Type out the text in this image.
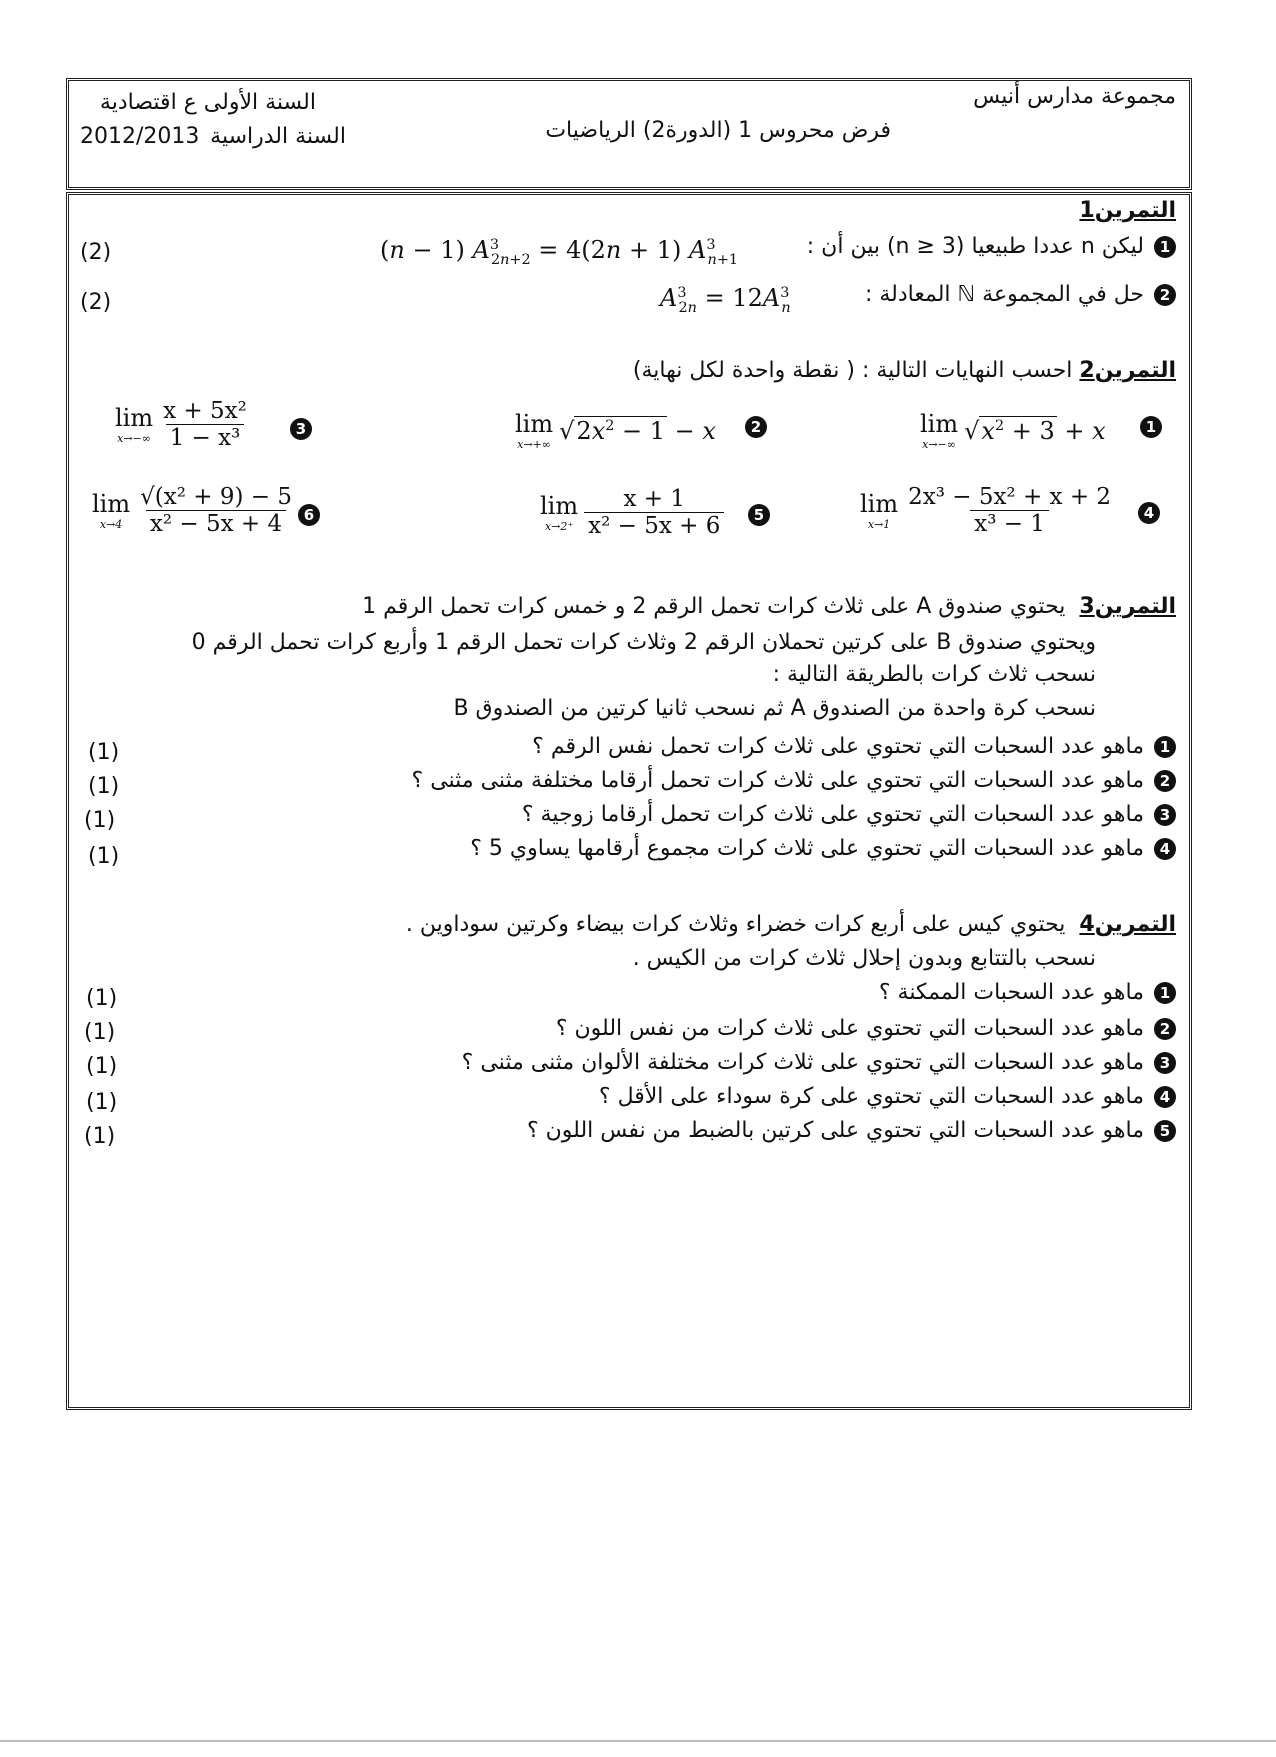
مجموعة مدارس أنيس
السنة الأولى ع اقتصادية
فرض محروس 1 (الدورة2) الرياضيات
السنة الدراسية
2012/2013
التمرين1
1ليكن n عددا طبيعيا (n ≥ 3) بين أن :
(n − 1) $A^3_{2n+2} = 4(2n + 1)$ $A^3_{n+1}$
(2)
2حل في المجموعة ℕ المعادلة :
$A^3_{2n} = 12A^3_n$
(2)
التمرين2 احسب النهايات التالية : ( نقطة واحدة لكل نهاية)
lim
x→−∞ $√x^2 + 3 + x$	1
lim
x→+∞ $√2x^2 - 1 - x$	2
lim
$x\to-\infty \frac{\text{x + 5x²}}{\text{1 − x³}}$	3
lim
$x\to 1 \frac{\text{2x³ − 5x² + x + 2}}{\text{x³ − 1}}$	4
lim
$x\to 2^+ \frac{x + 1}{\text{x² − 5x + 6}}$	5
lim
$x\to 4 \frac{\text{√(x² + 9) − 5}}{\text{x² − 5x + 4}} 6$
التمرين3  يحتوي صندوق A على ثلاث كرات تحمل الرقم 2 و خمس كرات تحمل الرقم 1
ويحتوي صندوق B على كرتين تحملان الرقم 2 وثلاث كرات تحمل الرقم 1 وأربع كرات تحمل الرقم 0
نسحب ثلاث كرات بالطريقة التالية :
نسحب كرة واحدة من الصندوق A ثم نسحب ثانيا كرتين من الصندوق B
1ماهو عدد السحبات التي تحتوي على ثلاث كرات تحمل نفس الرقم ؟
(1)
2ماهو عدد السحبات التي تحتوي على ثلاث كرات تحمل أرقاما مختلفة مثنى مثنى ؟
(1)
3ماهو عدد السحبات التي تحتوي على ثلاث كرات تحمل أرقاما زوجية ؟
(1)
4ماهو عدد السحبات التي تحتوي على ثلاث كرات مجموع أرقامها يساوي 5 ؟
(1)
التمرين4  يحتوي كيس على أربع كرات خضراء وثلاث كرات بيضاء وكرتين سوداوين .
نسحب بالتتابع وبدون إحلال ثلاث كرات من الكيس .
1ماهو عدد السحبات الممكنة ؟
(1)
2ماهو عدد السحبات التي تحتوي على ثلاث كرات من نفس اللون ؟
(1)
3ماهو عدد السحبات التي تحتوي على ثلاث كرات مختلفة الألوان مثنى مثنى ؟
(1)
4ماهو عدد السحبات التي تحتوي على كرة سوداء على الأقل ؟
(1)
5ماهو عدد السحبات التي تحتوي على كرتين بالضبط من نفس اللون ؟
(1)
